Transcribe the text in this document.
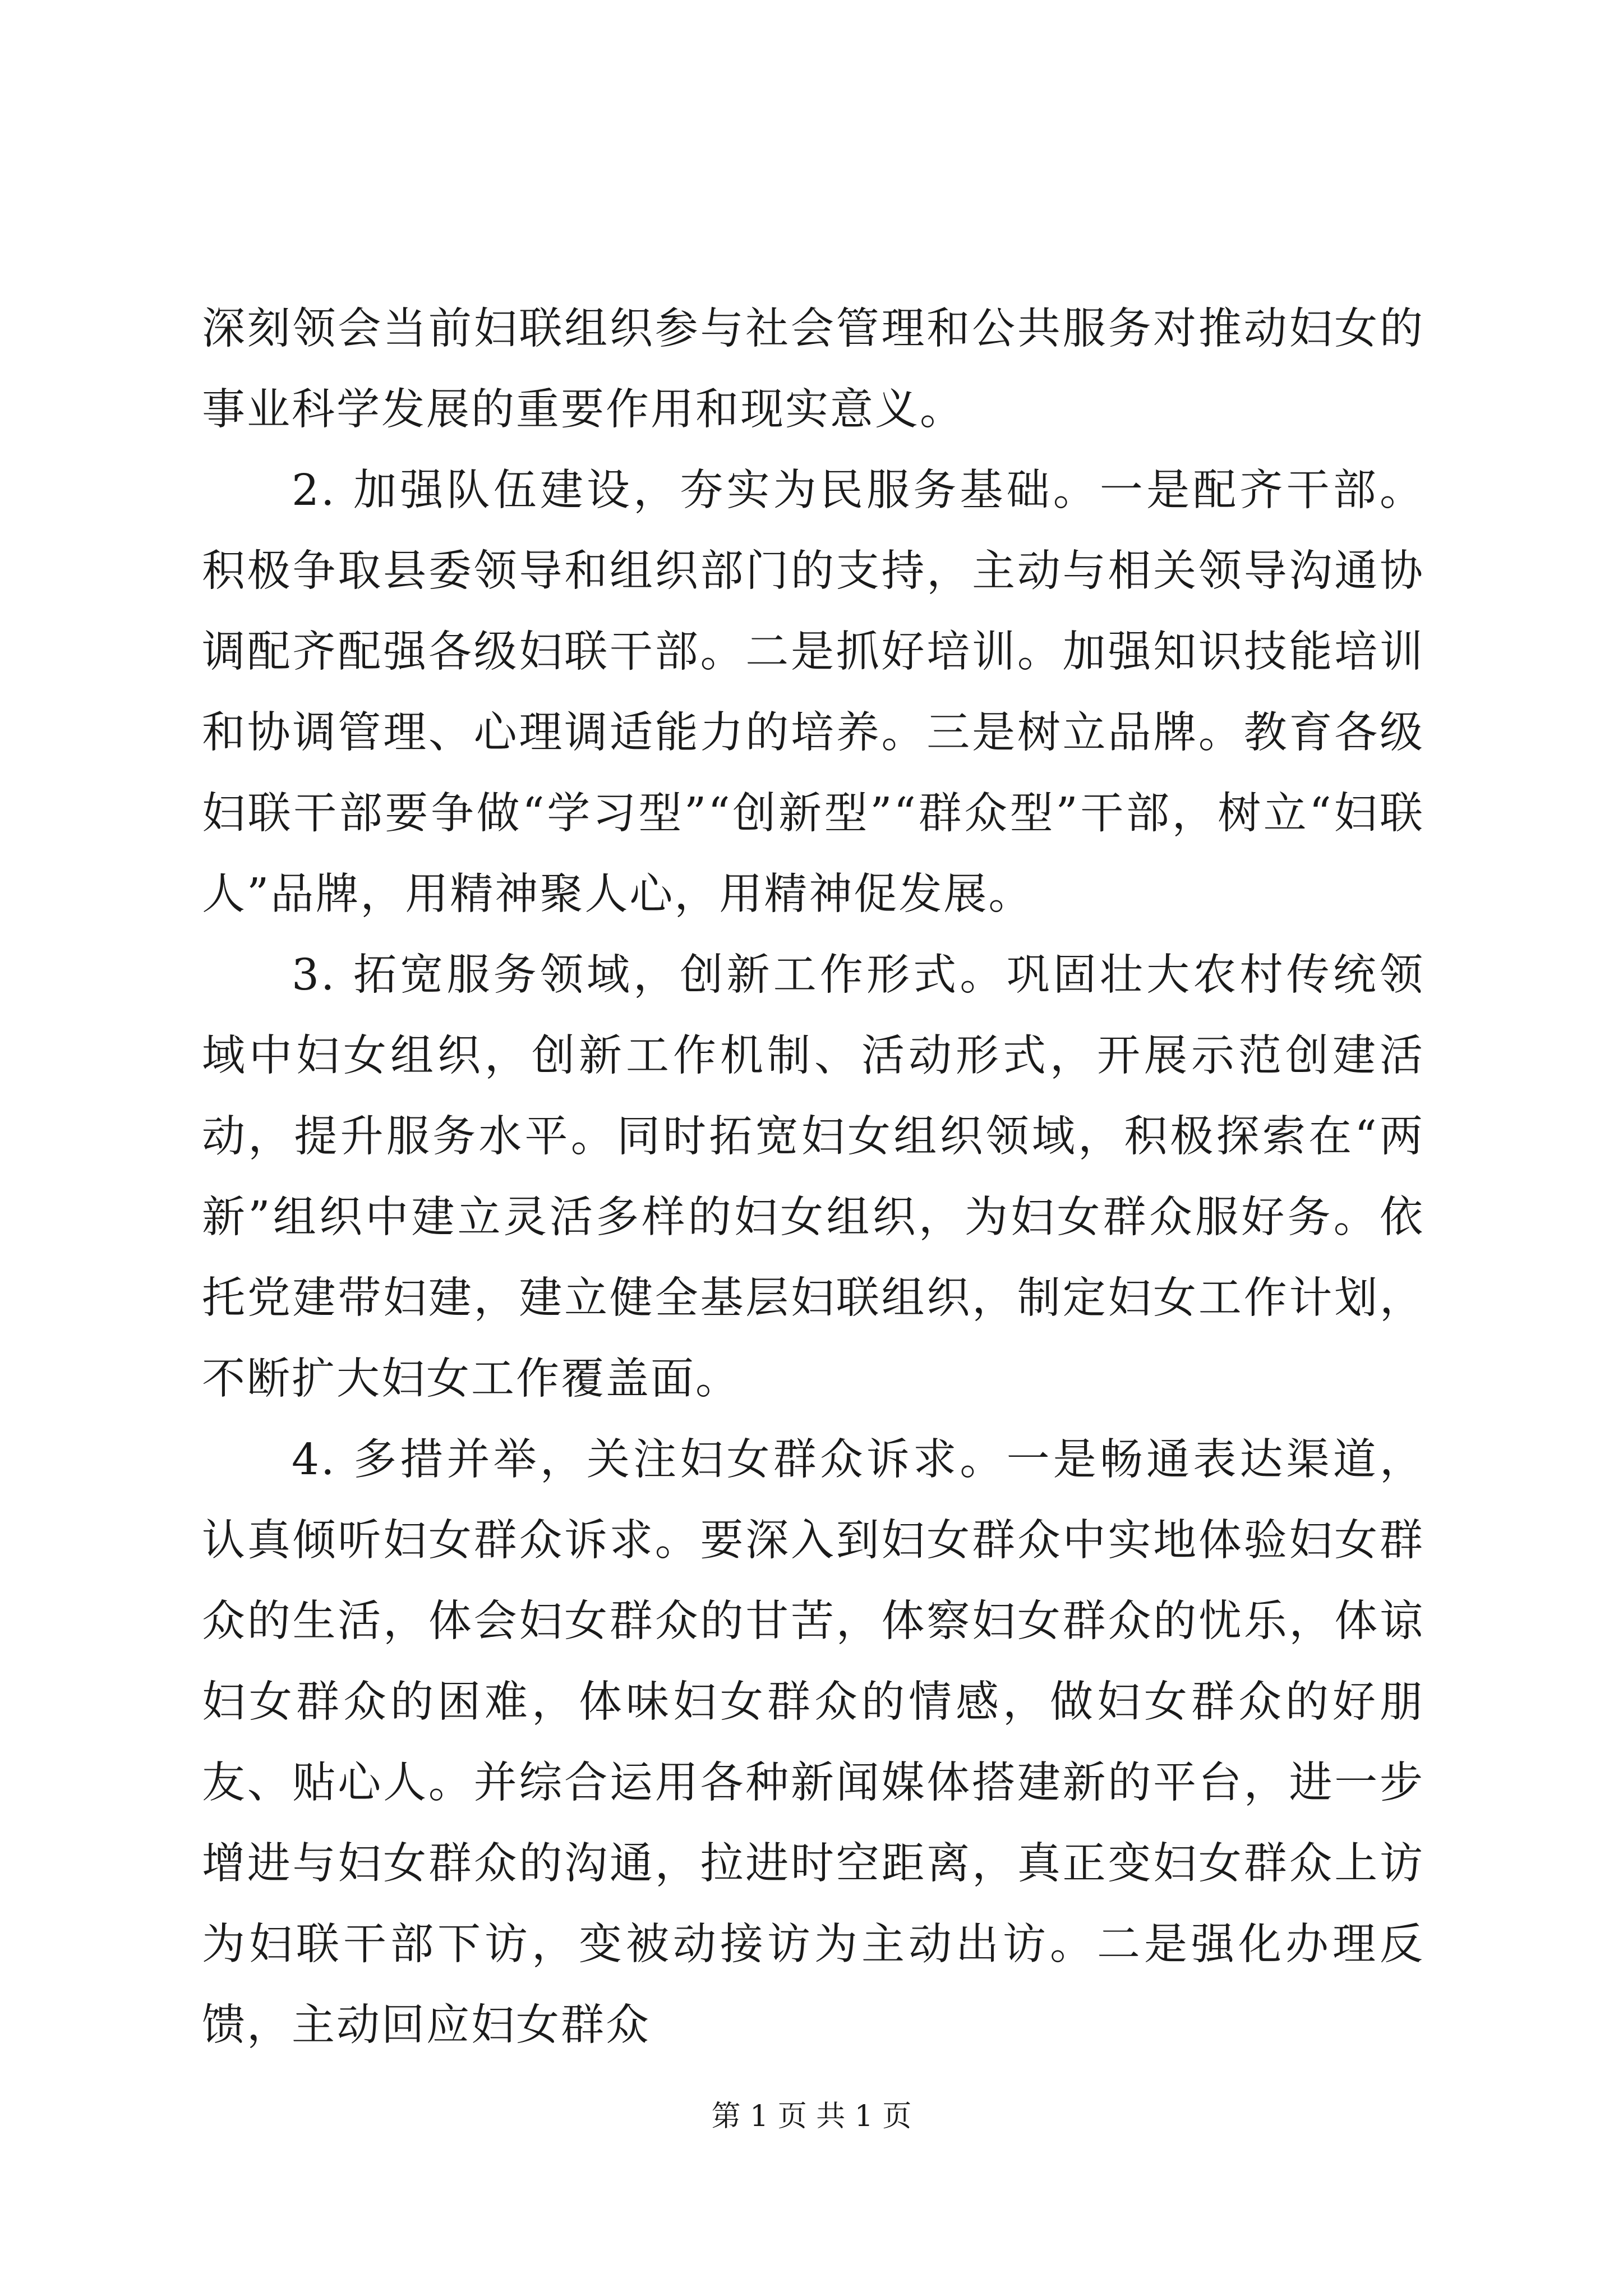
深刻领会当前妇联组织参与社会管理和公共服务对推动妇女的事业科学发展的重要作用和现实意义。

2. 加强队伍建设，夯实为民服务基础。一是配齐干部。积极争取县委领导和组织部门的支持，主动与相关领导沟通协调配齐配强各级妇联干部。二是抓好培训。加强知识技能培训和协调管理、心理调适能力的培养。三是树立品牌。教育各级妇联干部要争做“学习型”“创新型”“群众型”干部，树立“妇联人”品牌，用精神聚人心，用精神促发展。

3. 拓宽服务领域，创新工作形式。巩固壮大农村传统领域中妇女组织，创新工作机制、活动形式，开展示范创建活动，提升服务水平。同时拓宽妇女组织领域，积极探索在“两新”组织中建立灵活多样的妇女组织，为妇女群众服好务。依托党建带妇建，建立健全基层妇联组织，制定妇女工作计划，不断扩大妇女工作覆盖面。

4. 多措并举，关注妇女群众诉求。一是畅通表达渠道，认真倾听妇女群众诉求。要深入到妇女群众中实地体验妇女群众的生活，体会妇女群众的甘苦，体察妇女群众的忧乐，体谅妇女群众的困难，体味妇女群众的情感，做妇女群众的好朋友、贴心人。并综合运用各种新闻媒体搭建新的平台，进一步增进与妇女群众的沟通，拉进时空距离，真正变妇女群众上访为妇联干部下访，变被动接访为主动出访。二是强化办理反馈，主动回应妇女群众

第 1 页 共 1 页
